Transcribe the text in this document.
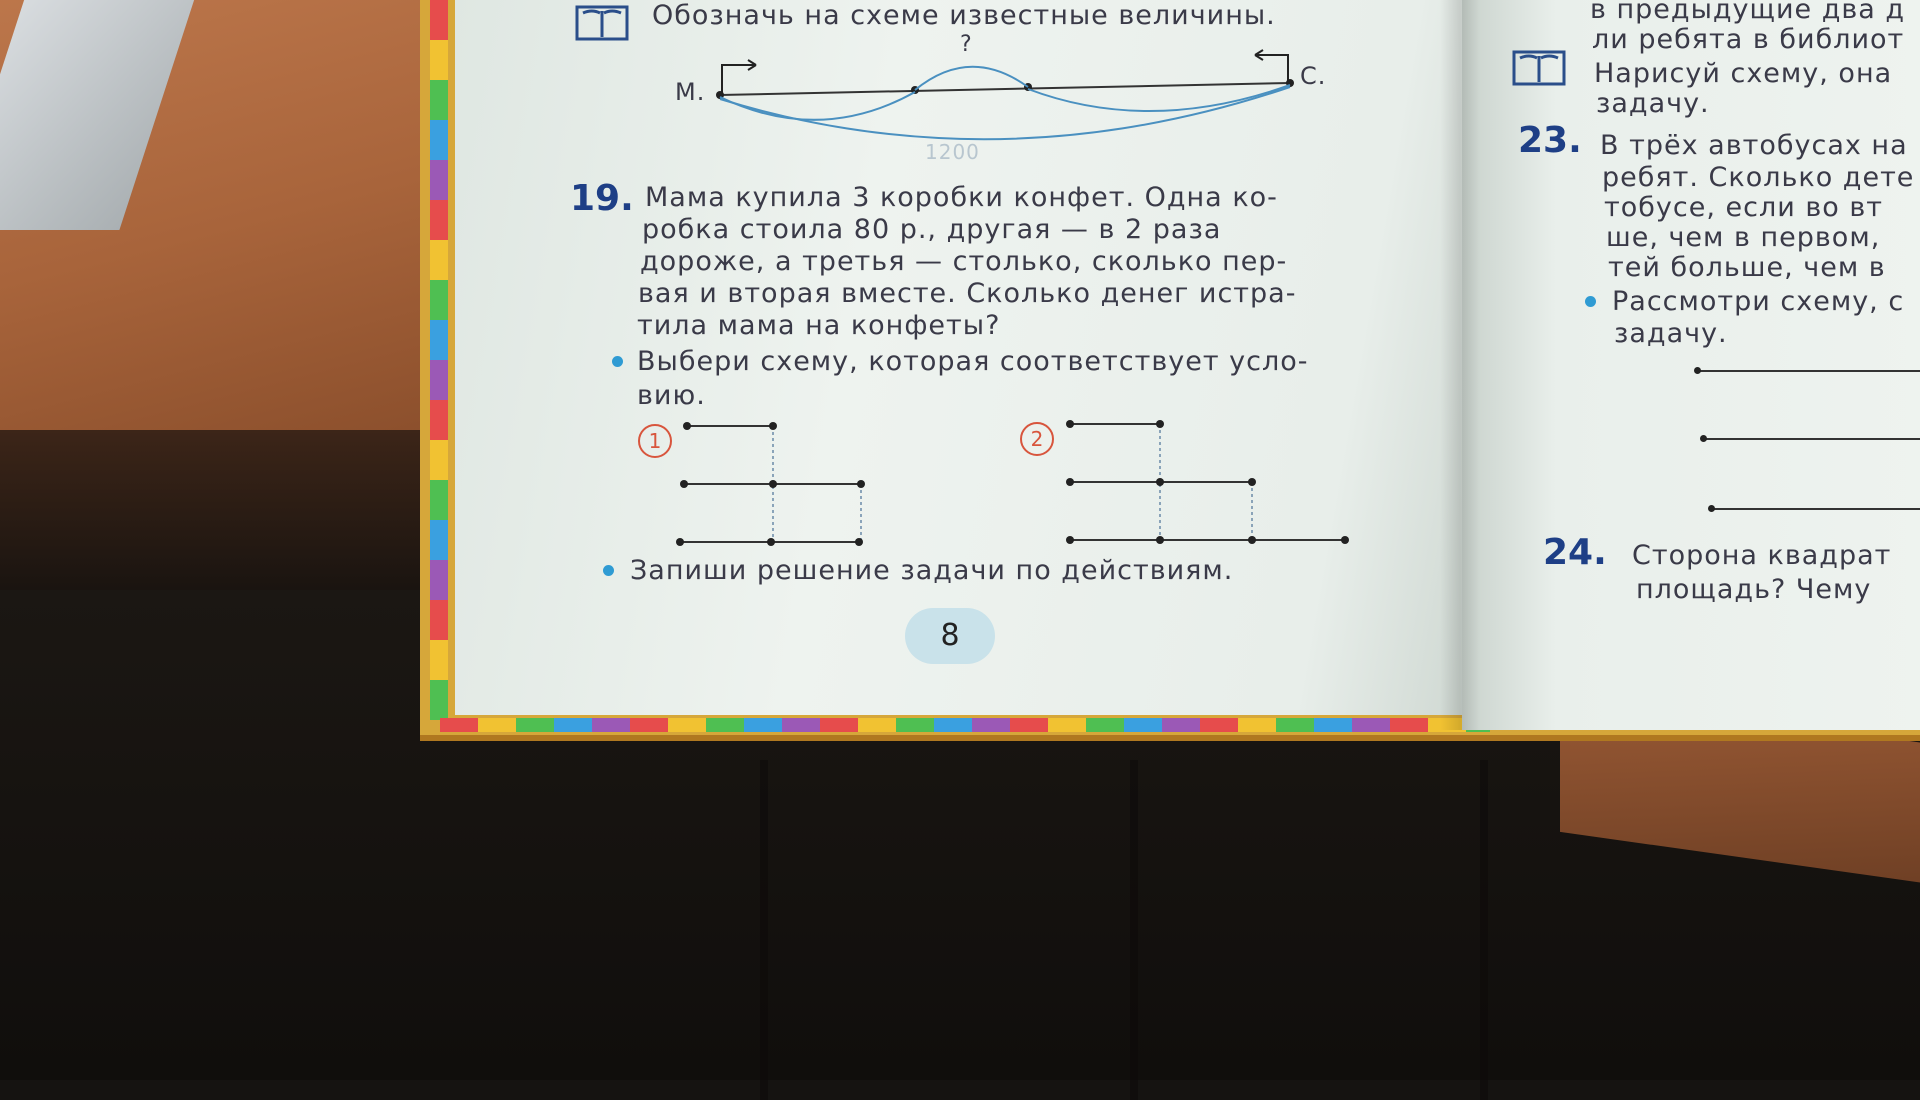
Обозначь на схеме известные величины.
М.
С.
?
1200
19. Мама купила 3 коробки конфет. Одна ко-
робка стоила 80 р., другая — в 2 раза
дороже, а третья — столько, сколько пер-
вая и вторая вместе. Сколько денег истра-
тила мама на конфеты?
Выбери схему, которая соответствует усло-
вию.
1	2
Запиши решение задачи по действиям.
8
в предыдущие два д
ли ребята в библиот
Нарисуй схему, она
задачу.
23. В трёх автобусах на
ребят. Сколько дете
тобусе, если во вт
ше, чем в первом,
тей больше, чем в
Рассмотри схему, с
задачу.
24. Сторона квадрат
площадь? Чему
